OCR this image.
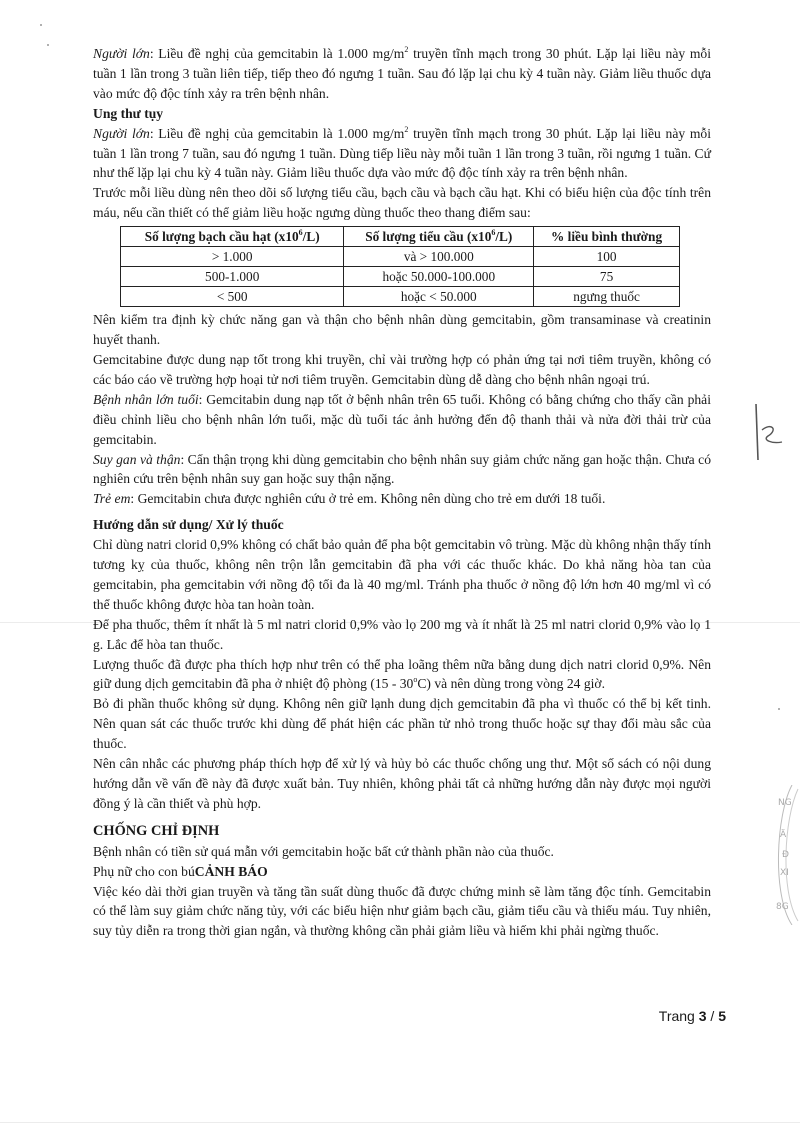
Người lớn: Liều đề nghị của gemcitabin là 1.000 $mg/m^2$ truyền tĩnh mạch trong 30 phút. Lặp lại liều này mỗi tuần 1 lần trong 3 tuần liên tiếp, tiếp theo đó ngưng 1 tuần. Sau đó lặp lại chu kỳ 4 tuần này. Giảm liều thuốc dựa vào mức độ độc tính xảy ra trên bệnh nhân.

Ung thư tụy

Người lớn: Liều đề nghị của gemcitabin là 1.000 $mg/m^2$ truyền tĩnh mạch trong 30 phút. Lặp lại liều này mỗi tuần 1 lần trong 7 tuần, sau đó ngưng 1 tuần. Dùng tiếp liều này mỗi tuần 1 lần trong 3 tuần, rồi ngưng 1 tuần. Cứ như thế lặp lại chu kỳ 4 tuần này. Giảm liều thuốc dựa vào mức độ độc tính xảy ra trên bệnh nhân.

Trước mỗi liều dùng nên theo dõi số lượng tiểu cầu, bạch cầu và bạch cầu hạt. Khi có biểu hiện của độc tính trên máu, nếu cần thiết có thể giảm liều hoặc ngưng dùng thuốc theo thang điểm sau:

Số lượng bạch cầu hạt $(x10^6/L)$	Số lượng tiểu cầu $(x10^6/L)$	% liều bình thường
> 1.000	và > 100.000	100
500-1.000	hoặc 50.000-100.000	75
< 500	hoặc < 50.000	ngưng thuốc

Nên kiểm tra định kỳ chức năng gan và thận cho bệnh nhân dùng gemcitabin, gồm transaminase và creatinin huyết thanh.

Gemcitabine được dung nạp tốt trong khi truyền, chỉ vài trường hợp có phản ứng tại nơi tiêm truyền, không có các báo cáo về trường hợp hoại tử nơi tiêm truyền. Gemcitabin dùng dễ dàng cho bệnh nhân ngoại trú.

Bệnh nhân lớn tuổi: Gemcitabin dung nạp tốt ở bệnh nhân trên 65 tuổi. Không có bằng chứng cho thấy cần phải điều chỉnh liều cho bệnh nhân lớn tuổi, mặc dù tuổi tác ảnh hưởng đến độ thanh thải và nửa đời thải trừ của gemcitabin.

Suy gan và thận: Cẩn thận trọng khi dùng gemcitabin cho bệnh nhân suy giảm chức năng gan hoặc thận. Chưa có nghiên cứu trên bệnh nhân suy gan hoặc suy thận nặng.

Trẻ em: Gemcitabin chưa được nghiên cứu ở trẻ em. Không nên dùng cho trẻ em dưới 18 tuổi.

Hướng dẫn sử dụng/ Xử lý thuốc

Chỉ dùng natri clorid 0,9% không có chất bảo quản để pha bột gemcitabin vô trùng. Mặc dù không nhận thấy tính tương kỵ của thuốc, không nên trộn lẫn gemcitabin đã pha với các thuốc khác. Do khả năng hòa tan của gemcitabin, pha gemcitabin với nồng độ tối đa là 40 mg/ml. Tránh pha thuốc ở nồng độ lớn hơn 40 mg/ml vì có thể thuốc không được hòa tan hoàn toàn.

Để pha thuốc, thêm ít nhất là 5 ml natri clorid 0,9% vào lọ 200 mg và ít nhất là 25 ml natri clorid 0,9% vào lọ 1 g. Lắc để hòa tan thuốc.

Lượng thuốc đã được pha thích hợp như trên có thể pha loãng thêm nữa bằng dung dịch natri clorid 0,9%. Nên giữ dung dịch gemcitabin đã pha ở nhiệt độ phòng (15 - 30$^o$C) và nên dùng trong vòng 24 giờ.

Bỏ đi phần thuốc không sử dụng. Không nên giữ lạnh dung dịch gemcitabin đã pha vì thuốc có thể bị kết tinh. Nên quan sát các thuốc trước khi dùng để phát hiện các phần tử nhỏ trong thuốc hoặc sự thay đổi màu sắc của thuốc.

Nên cân nhắc các phương pháp thích hợp để xử lý và hủy bỏ các thuốc chống ung thư. Một số sách có nội dung hướng dẫn về vấn đề này đã được xuất bản. Tuy nhiên, không phải tất cả những hướng dẫn này được mọi người đồng ý là cần thiết và phù hợp.

CHỐNG CHỈ ĐỊNH

Bệnh nhân có tiền sử quá mẫn với gemcitabin hoặc bất cứ thành phần nào của thuốc.

Phụ nữ cho con búCẢNH BÁO

Việc kéo dài thời gian truyền và tăng tần suất dùng thuốc đã được chứng minh sẽ làm tăng độc tính. Gemcitabin có thể làm suy giảm chức năng tủy, với các biểu hiện như giảm bạch cầu, giảm tiểu cầu và thiếu máu. Tuy nhiên, suy tủy diễn ra trong thời gian ngắn, và thường không cần phải giảm liều và hiếm khi phải ngừng thuốc.

Trang 3 / 5
NG
Ä
Đ
XI
8G
